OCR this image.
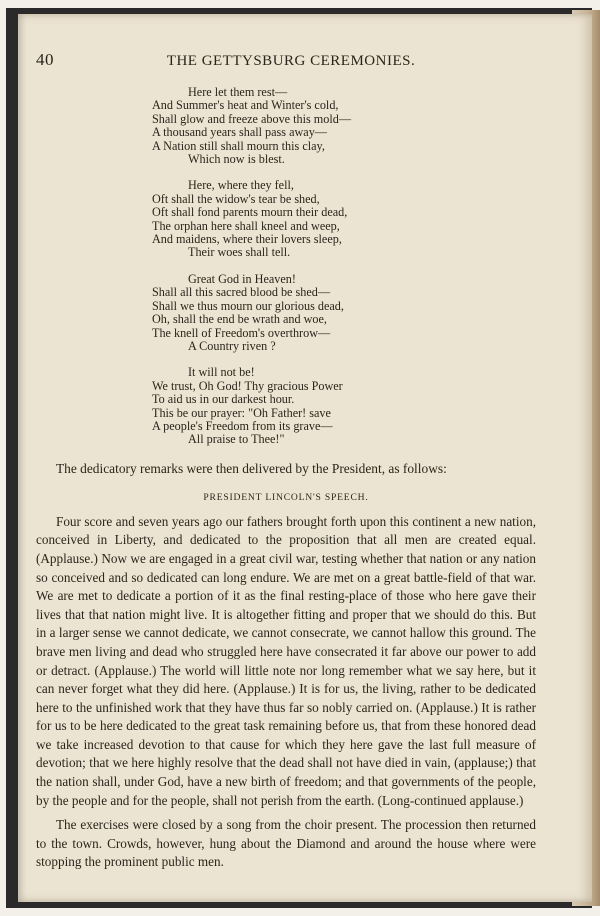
40	THE GETTYSBURG CEREMONIES.
Here let them rest—
And Summer's heat and Winter's cold,
Shall glow and freeze above this mold—
A thousand years shall pass away—
A Nation still shall mourn this clay,
Which now is blest.
Here, where they fell,
Oft shall the widow's tear be shed,
Oft shall fond parents mourn their dead,
The orphan here shall kneel and weep,
And maidens, where their lovers sleep,
Their woes shall tell.
Great God in Heaven!
Shall all this sacred blood be shed—
Shall we thus mourn our glorious dead,
Oh, shall the end be wrath and woe,
The knell of Freedom's overthrow—
A Country riven ?
It will not be!
We trust, Oh God! Thy gracious Power
To aid us in our darkest hour.
This be our prayer: "Oh Father! save
A people's Freedom from its grave—
All praise to Thee!"
The dedicatory remarks were then delivered by the President, as follows:
PRESIDENT LINCOLN'S SPEECH.

Four score and seven years ago our fathers brought forth upon this continent a new nation, conceived in Liberty, and dedicated to the proposition that all men are created equal. (Applause.) Now we are engaged in a great civil war, testing whether that nation or any nation so conceived and so dedicated can long endure. We are met on a great battle-field of that war. We are met to dedicate a portion of it as the final resting-place of those who here gave their lives that that nation might live. It is altogether fitting and proper that we should do this. But in a larger sense we cannot dedicate, we cannot consecrate, we cannot hallow this ground. The brave men living and dead who struggled here have consecrated it far above our power to add or detract. (Applause.) The world will little note nor long remember what we say here, but it can never forget what they did here. (Applause.) It is for us, the living, rather to be dedicated here to the unfinished work that they have thus far so nobly carried on. (Applause.) It is rather for us to be here dedicated to the great task remaining before us, that from these honored dead we take increased devotion to that cause for which they here gave the last full measure of devotion; that we here highly resolve that the dead shall not have died in vain, (applause;) that the nation shall, under God, have a new birth of freedom; and that governments of the people, by the people and for the people, shall not perish from the earth. (Long-continued applause.)

The exercises were closed by a song from the choir present. The procession then returned to the town. Crowds, however, hung about the Diamond and around the house where were stopping the prominent public men.
